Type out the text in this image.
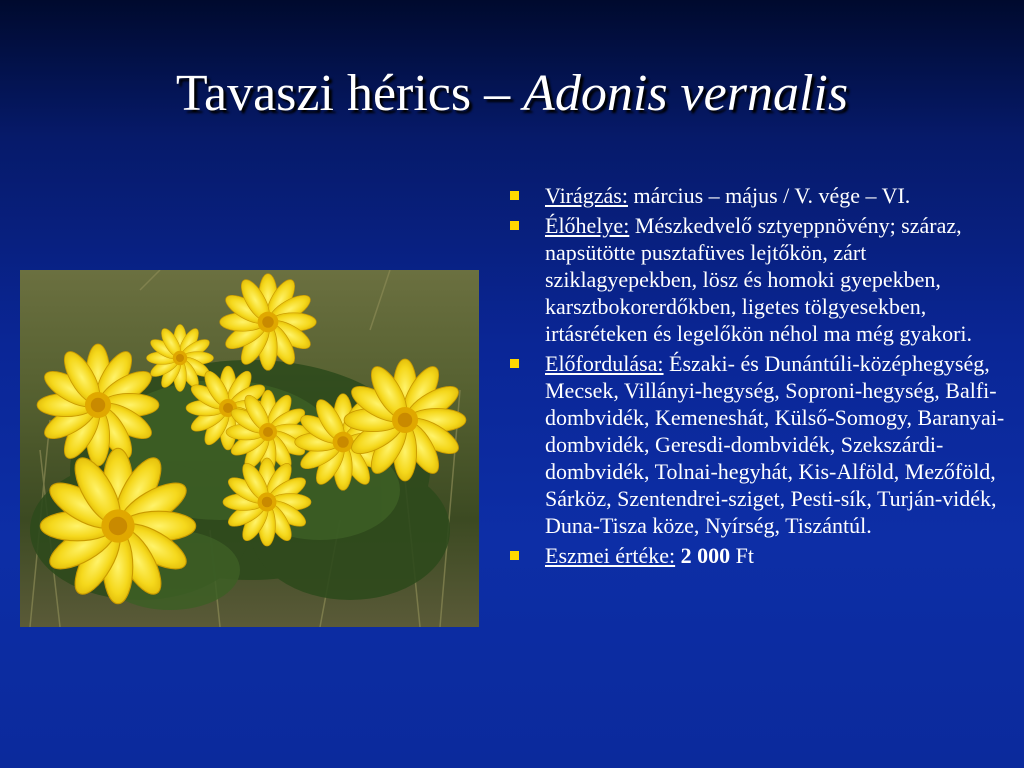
Tavaszi hérics – Adonis vernalis
Virágzás: március – május / V. vége – VI.
Élőhelye: Mészkedvelő sztyeppnövény; száraz, napsütötte pusztafüves lejtőkön, zárt sziklagyepekben, lösz és homoki gyepekben, karsztbokorerdőkben, ligetes tölgyesekben, irtásréteken és legelőkön néhol ma még gyakori.
Előfordulása: Északi- és Dunántúli-középhegység, Mecsek, Villányi-hegység, Soproni-hegység, Balfi-dombvidék, Kemeneshát, Külső-Somogy, Baranyai-dombvidék, Geresdi-dombvidék, Szekszárdi-dombvidék, Tolnai-hegyhát, Kis-Alföld, Mezőföld, Sárköz, Szentendrei-sziget, Pesti-sík, Turján-vidék, Duna-Tisza köze, Nyírség, Tiszántúl.
Eszmei értéke: 2 000 Ft
